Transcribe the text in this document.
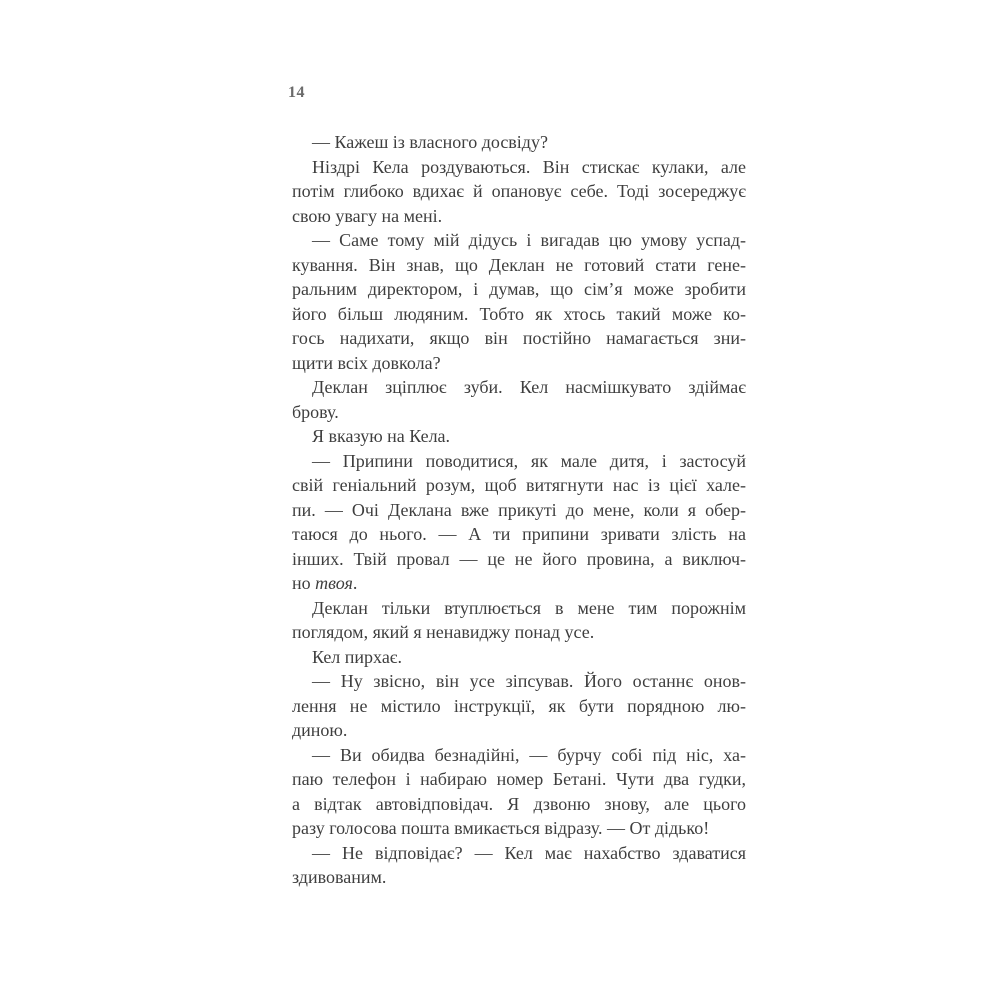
14
— Кажеш із власного досвіду?
Ніздрі Кела роздуваються. Він стискає кулаки, але
потім глибоко вдихає й опановує себе. Тоді зосереджує
свою увагу на мені.
— Саме тому мій дідусь і вигадав цю умову успад-
кування. Він знав, що Деклан не готовий стати гене-
ральним директором, і думав, що сім’я може зробити
його більш людяним. Тобто як хтось такий може ко-
гось надихати, якщо він постійно намагається зни-
щити всіх довкола?
Деклан зціплює зуби. Кел насмішкувато здіймає
брову.
Я вказую на Кела.
— Припини поводитися, як мале дитя, і застосуй
свій геніальний розум, щоб витягнути нас із цієї хале-
пи. — Очі Деклана вже прикуті до мене, коли я обер-
таюся до нього. — А ти припини зривати злість на
інших. Твій провал — це не його провина, а виключ-
но твоя.
Деклан тільки втуплюється в мене тим порожнім
поглядом, який я ненавиджу понад усе.
Кел пирхає.
— Ну звісно, він усе зіпсував. Його останнє онов-
лення не містило інструкції, як бути порядною лю-
диною.
— Ви обидва безнадійні, — бурчу собі під ніс, ха-
паю телефон і набираю номер Бетані. Чути два гудки,
а відтак автовідповідач. Я дзвоню знову, але цього
разу голосова пошта вмикається відразу. — От дідько!
— Не відповідає? — Кел має нахабство здаватися
здивованим.
